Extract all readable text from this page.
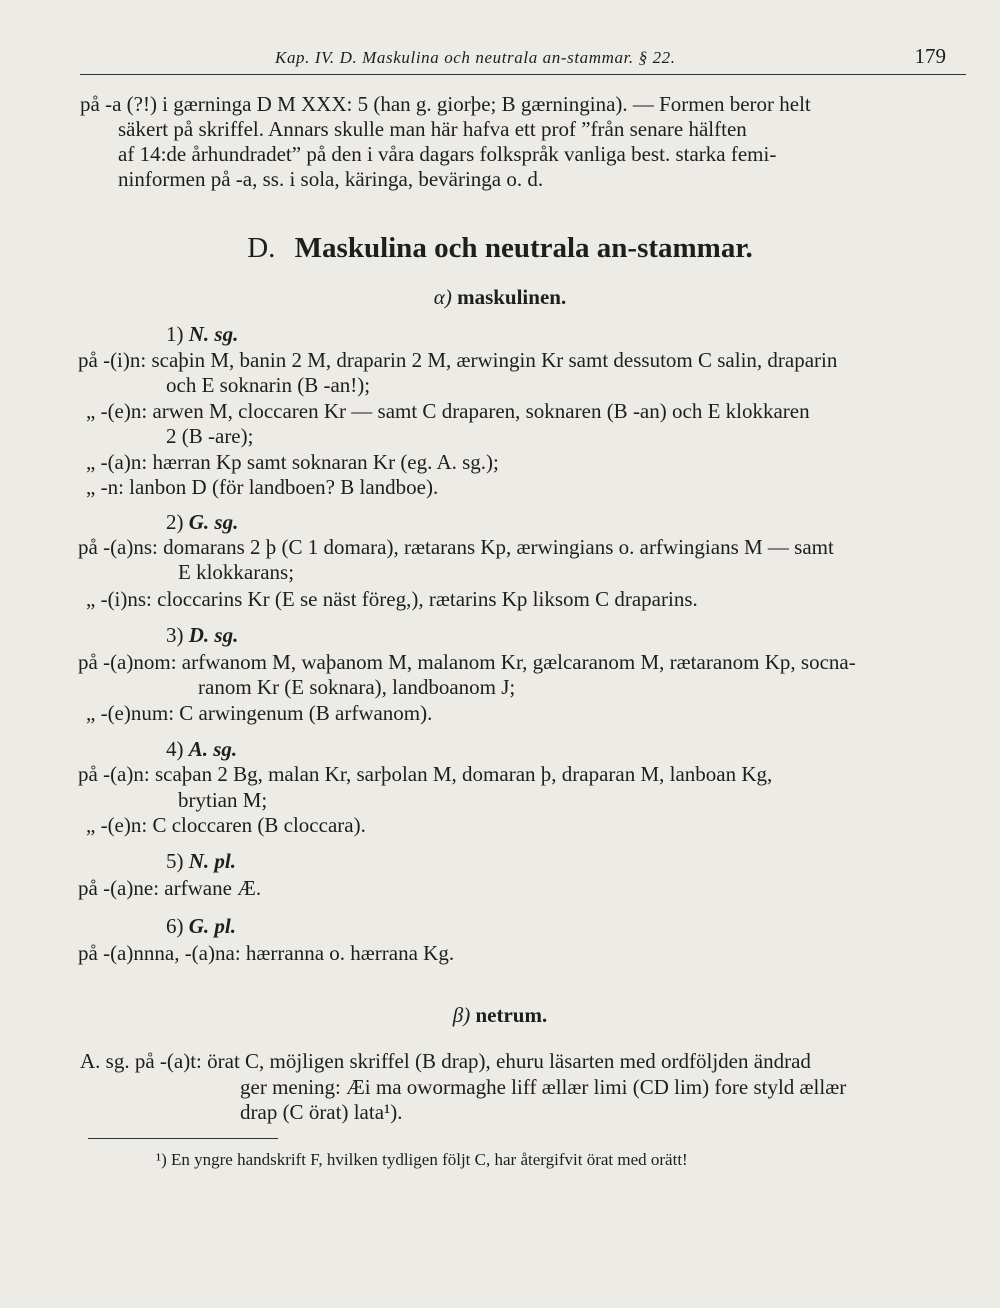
Kap. IV. D. Maskulina och neutrala an-stammar. § 22.	179
på -a (?!) i gærninga D M XXX: 5 (han g. giorþe; B gærningina). — Formen beror helt
säkert på skriffel. Annars skulle man här hafva ett prof ”från senare hälften
af 14:de århundradet” på den i våra dagars folkspråk vanliga best. starka femi-
ninformen på -a, ss. i sola, käringa, beväringa o. d.
D. Maskulina och neutrala an-stammar.
α) maskulinen.
1) N. sg.
på -(i)n: scaþin M, banin 2 M, draparin 2 M, ærwingin Kr samt dessutom C salin, draparin
och E soknarin (B -an!);
„ -(e)n: arwen M, cloccaren Kr — samt C draparen, soknaren (B -an) och E klokkaren
2 (B -are);
„ -(a)n: hærran Kp samt soknaran Kr (eg. A. sg.);
„ -n: lanbon D (för landboen? B landboe).
2) G. sg.
på -(a)ns: domarans 2 þ (C 1 domara), rætarans Kp, ærwingians o. arfwingians M — samt
E klokkarans;
„ -(i)ns: cloccarins Kr (E se näst föreg,), rætarins Kp liksom C draparins.
3) D. sg.
på -(a)nom: arfwanom M, waþanom M, malanom Kr, gælcaranom M, rætaranom Kp, socna-
ranom Kr (E soknara), landboanom J;
„ -(e)num: C arwingenum (B arfwanom).
4) A. sg.
på -(a)n: scaþan 2 Bg, malan Kr, sarþolan M, domaran þ, draparan M, lanboan Kg,
brytian M;
„ -(e)n: C cloccaren (B cloccara).
5) N. pl.
på -(a)ne: arfwane Æ.
6) G. pl.
på -(a)nnna, -(a)na: hærranna o. hærrana Kg.
β) netrum.
A. sg. på -(a)t: örat C, möjligen skriffel (B drap), ehuru läsarten med ordföljden ändrad
ger mening: Æi ma owormaghe liff ællær limi (CD lim) fore styld ællær
drap (C örat) lata¹).
¹) En yngre handskrift F, hvilken tydligen följt C, har återgifvit örat med orätt!
